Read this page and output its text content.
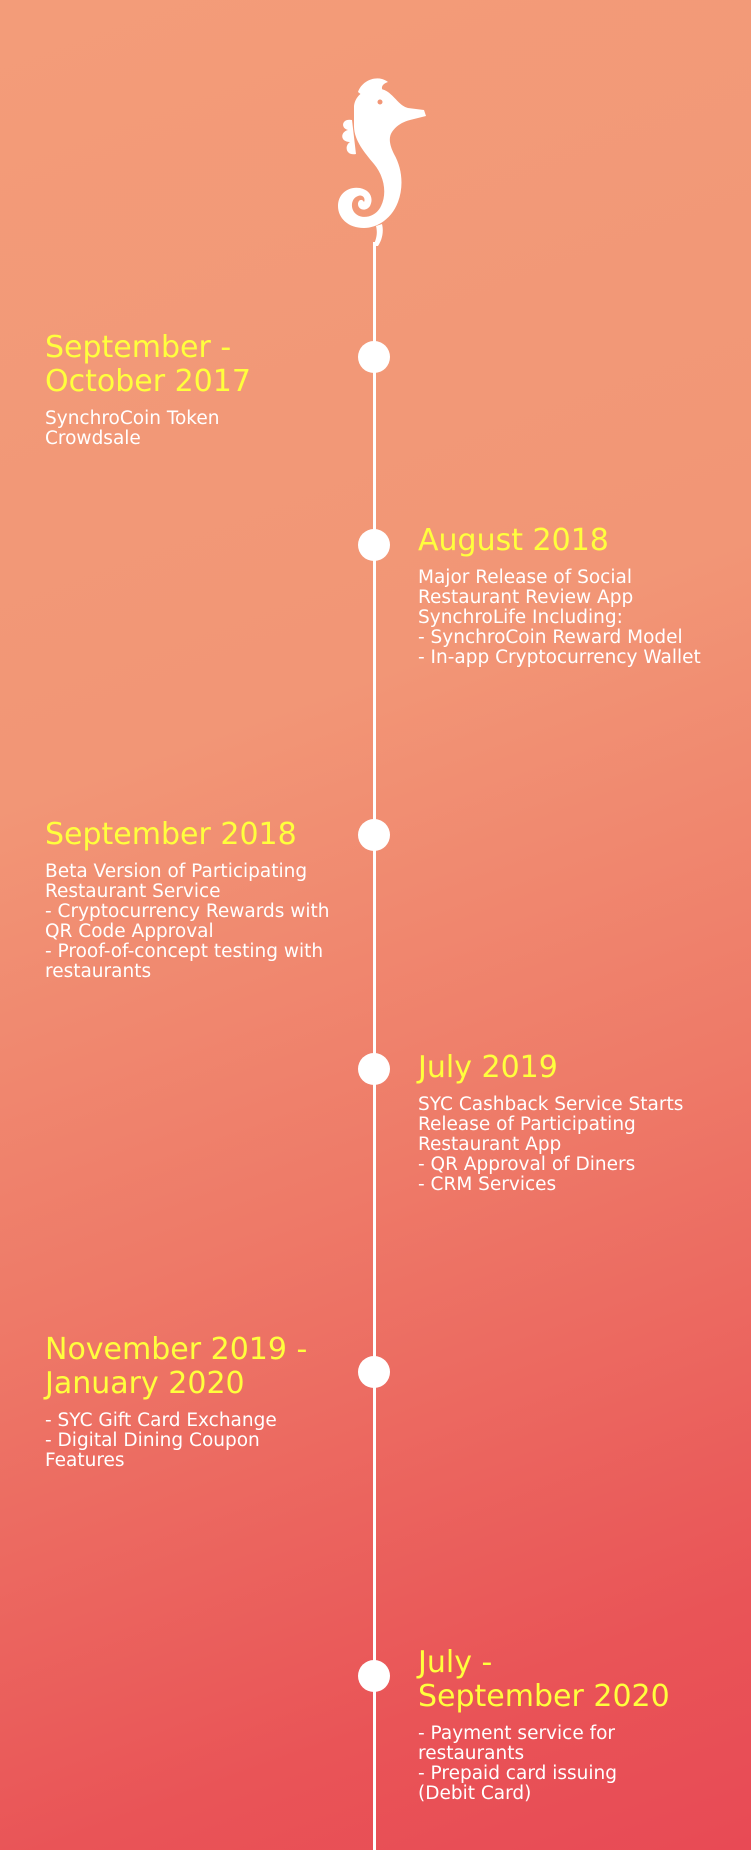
September -
October 2017

SynchroCoin Token
Crowdsale

August 2018

Major Release of Social
Restaurant Review App
SynchroLife Including:
- SynchroCoin Reward Model
- In-app Cryptocurrency Wallet

September 2018

Beta Version of Participating
Restaurant Service
- Cryptocurrency Rewards with
QR Code Approval
- Proof-of-concept testing with
restaurants

July 2019

SYC Cashback Service Starts
Release of Participating
Restaurant App
- QR Approval of Diners
- CRM Services

November 2019 -
January 2020

- SYC Gift Card Exchange
- Digital Dining Coupon Features

July -
September 2020

- Payment service for
restaurants
- Prepaid card issuing
(Debit Card)
